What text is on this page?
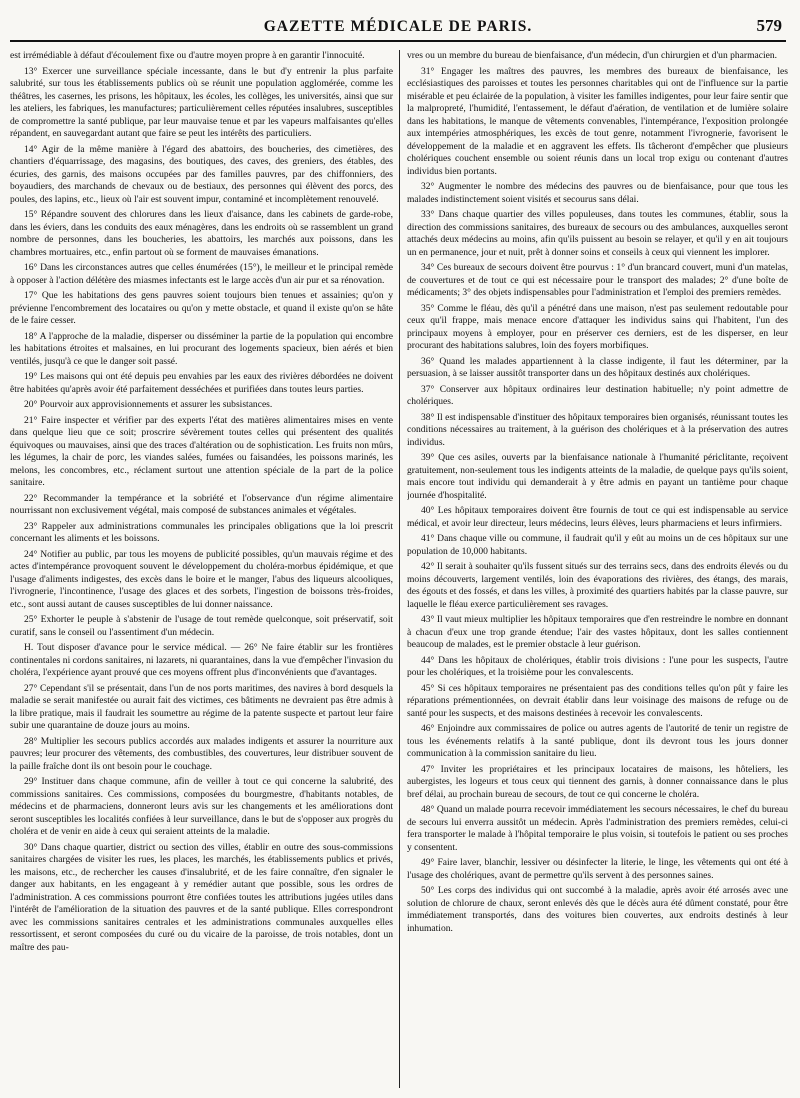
GAZETTE MÉDICALE DE PARIS.	579

est irrémédiable à défaut d'écoulement fixe ou d'autre moyen propre à en garantir l'innocuité.

13° Exercer une surveillance spéciale incessante, dans le but d'y entrenir la plus parfaite salubrité, sur tous les établissements publics où se réunit une population agglomérée, comme les théâtres, les casernes, les prisons, les hôpitaux, les écoles, les collèges, les universités, ainsi que sur les ateliers, les fabriques, les manufactures; particulièrement celles réputées insalubres, susceptibles de compromettre la santé publique, par leur mauvaise tenue et par les vapeurs malfaisantes qu'elles répandent, en sauvegardant autant que faire se peut les intérêts des particuliers.

14° Agir de la même manière à l'égard des abattoirs, des boucheries, des cimetières, des chantiers d'équarrissage, des magasins, des boutiques, des caves, des greniers, des étables, des écuries, des garnis, des maisons occupées par des familles pauvres, par des chiffonniers, des boyaudiers, des marchands de chevaux ou de bestiaux, des personnes qui élèvent des porcs, des poules, des lapins, etc., lieux où l'air est souvent impur, contaminé et incomplètement renouvelé.

15° Répandre souvent des chlorures dans les lieux d'aisance, dans les cabinets de garde-robe, dans les éviers, dans les conduits des eaux ménagères, dans les endroits où se rassemblent un grand nombre de personnes, dans les boucheries, les abattoirs, les marchés aux poissons, dans les chambres mortuaires, etc., enfin partout où se forment de mauvaises émanations.

16° Dans les circonstances autres que celles énumérées (15°), le meilleur et le principal remède à opposer à l'action délétère des miasmes infectants est le large accès d'un air pur et sa rénovation.

17° Que les habitations des gens pauvres soient toujours bien tenues et assainies; qu'on y prévienne l'encombrement des locataires ou qu'on y mette obstacle, et quand il existe qu'on se hâte de le faire cesser.

18° A l'approche de la maladie, disperser ou disséminer la partie de la population qui encombre les habitations étroites et malsaines, en lui procurant des logements spacieux, bien aérés et bien ventilés, jusqu'à ce que le danger soit passé.

19° Les maisons qui ont été depuis peu envahies par les eaux des rivières débordées ne doivent être habitées qu'après avoir été parfaitement desséchées et purifiées dans toutes leurs parties.

20° Pourvoir aux approvisionnements et assurer les subsistances.

21° Faire inspecter et vérifier par des experts l'état des matières alimentaires mises en vente dans quelque lieu que ce soit; proscrire sévèrement toutes celles qui présentent des qualités équivoques ou mauvaises, ainsi que des traces d'altération ou de sophistication. Les fruits non mûrs, les légumes, la chair de porc, les viandes salées, fumées ou faisandées, les poissons marinés, les melons, les concombres, etc., réclament surtout une attention spéciale de la part de la police sanitaire.

22° Recommander la tempérance et la sobriété et l'observance d'un régime alimentaire nourrissant non exclusivement végétal, mais composé de substances animales et végétales.

23° Rappeler aux administrations communales les principales obligations que la loi prescrit concernant les aliments et les boissons.

24° Notifier au public, par tous les moyens de publicité possibles, qu'un mauvais régime et des actes d'intempérance provoquent souvent le développement du choléra-morbus épidémique, et que l'usage d'aliments indigestes, des excès dans le boire et le manger, l'abus des liqueurs alcooliques, l'ivrognerie, l'incontinence, l'usage des glaces et des sorbets, l'ingestion de boissons très-froides, etc., sont aussi autant de causes susceptibles de lui donner naissance.

25° Exhorter le peuple à s'abstenir de l'usage de tout remède quelconque, soit préservatif, soit curatif, sans le conseil ou l'assentiment d'un médecin.

H. Tout disposer d'avance pour le service médical. — 26° Ne faire établir sur les frontières continentales ni cordons sanitaires, ni lazarets, ni quarantaines, dans la vue d'empêcher l'invasion du choléra, l'expérience ayant prouvé que ces moyens offrent plus d'inconvénients que d'avantages.

27° Cependant s'il se présentait, dans l'un de nos ports maritimes, des navires à bord desquels la maladie se serait manifestée ou aurait fait des victimes, ces bâtiments ne devraient pas être admis à la libre pratique, mais il faudrait les soumettre au régime de la patente suspecte et partout leur faire subir une quarantaine de douze jours au moins.

28° Multiplier les secours publics accordés aux malades indigents et assurer la nourriture aux pauvres; leur procurer des vêtements, des combustibles, des couvertures, leur distribuer souvent de la paille fraîche dont ils ont besoin pour le couchage.

29° Instituer dans chaque commune, afin de veiller à tout ce qui concerne la salubrité, des commissions sanitaires. Ces commissions, composées du bourgmestre, d'habitants notables, de médecins et de pharmaciens, donneront leurs avis sur les changements et les améliorations dont seront susceptibles les localités confiées à leur surveillance, dans le but de s'opposer aux progrès du choléra et de venir en aide à ceux qui seraient atteints de la maladie.

30° Dans chaque quartier, district ou section des villes, établir en outre des sous-commissions sanitaires chargées de visiter les rues, les places, les marchés, les établissements publics et privés, les maisons, etc., de rechercher les causes d'insalubrité, et de les faire connaître, d'en signaler le danger aux habitants, en les engageant à y remédier autant que possible, sous les ordres de l'administration. A ces commissions pourront être confiées toutes les attributions jugées utiles dans l'intérêt de l'amélioration de la situation des pauvres et de la santé publique. Elles correspondront avec les commissions sanitaires centrales et les administrations communales auxquelles elles ressortissent, et seront composées du curé ou du vicaire de la paroisse, de trois notables, dont un maître des pau-

vres ou un membre du bureau de bienfaisance, d'un médecin, d'un chirurgien et d'un pharmacien.

31° Engager les maîtres des pauvres, les membres des bureaux de bienfaisance, les ecclésiastiques des paroisses et toutes les personnes charitables qui ont de l'influence sur la partie misérable et peu éclairée de la population, à visiter les familles indigentes, pour leur faire sentir que la malpropreté, l'humidité, l'entassement, le défaut d'aération, de ventilation et de lumière solaire dans les habitations, le manque de vêtements convenables, l'intempérance, l'exposition prolongée aux intempéries atmosphériques, les excès de tout genre, notamment l'ivrognerie, favorisent le développement de la maladie et en aggravent les effets. Ils tâcheront d'empêcher que plusieurs cholériques couchent ensemble ou soient réunis dans un local trop exigu ou contenant d'autres individus bien portants.

32° Augmenter le nombre des médecins des pauvres ou de bienfaisance, pour que tous les malades indistinctement soient visités et secourus sans délai.

33° Dans chaque quartier des villes populeuses, dans toutes les communes, établir, sous la direction des commissions sanitaires, des bureaux de secours ou des ambulances, auxquelles seront attachés deux médecins au moins, afin qu'ils puissent au besoin se relayer, et qu'il y en ait toujours un en permanence, jour et nuit, prêt à donner soins et conseils à ceux qui viennent les implorer.

34° Ces bureaux de secours doivent être pourvus : 1° d'un brancard couvert, muni d'un matelas, de couvertures et de tout ce qui est nécessaire pour le transport des malades; 2° d'une boîte de médicaments; 3° des objets indispensables pour l'administration et l'emploi des premiers remèdes.

35° Comme le fléau, dès qu'il a pénétré dans une maison, n'est pas seulement redoutable pour ceux qu'il frappe, mais menace encore d'attaquer les individus sains qui l'habitent, l'un des principaux moyens à employer, pour en préserver ces derniers, est de les disperser, en leur procurant des habitations salubres, loin des foyers morbifiques.

36° Quand les malades appartiennent à la classe indigente, il faut les déterminer, par la persuasion, à se laisser aussitôt transporter dans un des hôpitaux destinés aux cholériques.

37° Conserver aux hôpitaux ordinaires leur destination habituelle; n'y point admettre de cholériques.

38° Il est indispensable d'instituer des hôpitaux temporaires bien organisés, réunissant toutes les conditions nécessaires au traitement, à la guérison des cholériques et à la préservation des autres individus.

39° Que ces asiles, ouverts par la bienfaisance nationale à l'humanité périclitante, reçoivent gratuitement, non-seulement tous les indigents atteints de la maladie, de quelque pays qu'ils soient, mais encore tout individu qui demanderait à y être admis en payant un tantième pour chaque journée d'hospitalité.

40° Les hôpitaux temporaires doivent être fournis de tout ce qui est indispensable au service médical, et avoir leur directeur, leurs médecins, leurs élèves, leurs pharmaciens et leurs infirmiers.

41° Dans chaque ville ou commune, il faudrait qu'il y eût au moins un de ces hôpitaux sur une population de 10,000 habitants.

42° Il serait à souhaiter qu'ils fussent situés sur des terrains secs, dans des endroits élevés ou du moins découverts, largement ventilés, loin des évaporations des rivières, des étangs, des marais, des égouts et des fossés, et dans les villes, à proximité des quartiers habités par la classe pauvre, sur laquelle le fléau exerce particulièrement ses ravages.

43° Il vaut mieux multiplier les hôpitaux temporaires que d'en restreindre le nombre en donnant à chacun d'eux une trop grande étendue; l'air des vastes hôpitaux, dont les salles contiennent beaucoup de malades, est le premier obstacle à leur guérison.

44° Dans les hôpitaux de cholériques, établir trois divisions : l'une pour les suspects, l'autre pour les cholériques, et la troisième pour les convalescents.

45° Si ces hôpitaux temporaires ne présentaient pas des conditions telles qu'on pût y faire les réparations prémentionnées, on devrait établir dans leur voisinage des maisons de refuge ou de santé pour les suspects, et des maisons destinées à recevoir les convalescents.

46° Enjoindre aux commissaires de police ou autres agents de l'autorité de tenir un registre de tous les événements relatifs à la santé publique, dont ils devront tous les jours donner communication à la commission sanitaire du lieu.

47° Inviter les propriétaires et les principaux locataires de maisons, les hôteliers, les aubergistes, les logeurs et tous ceux qui tiennent des garnis, à donner connaissance dans le plus bref délai, au prochain bureau de secours, de tout ce qui concerne le choléra.

48° Quand un malade pourra recevoir immédiatement les secours nécessaires, le chef du bureau de secours lui enverra aussitôt un médecin. Après l'administration des premiers remèdes, celui-ci fera transporter le malade à l'hôpital temporaire le plus voisin, si toutefois le patient ou ses proches y consentent.

49° Faire laver, blanchir, lessiver ou désinfecter la literie, le linge, les vêtements qui ont été à l'usage des cholériques, avant de permettre qu'ils servent à des personnes saines.

50° Les corps des individus qui ont succombé à la maladie, après avoir été arrosés avec une solution de chlorure de chaux, seront enlevés dès que le décès aura été dûment constaté, pour être immédiatement transportés, dans des voitures bien couvertes, aux endroits destinés à leur inhumation.
